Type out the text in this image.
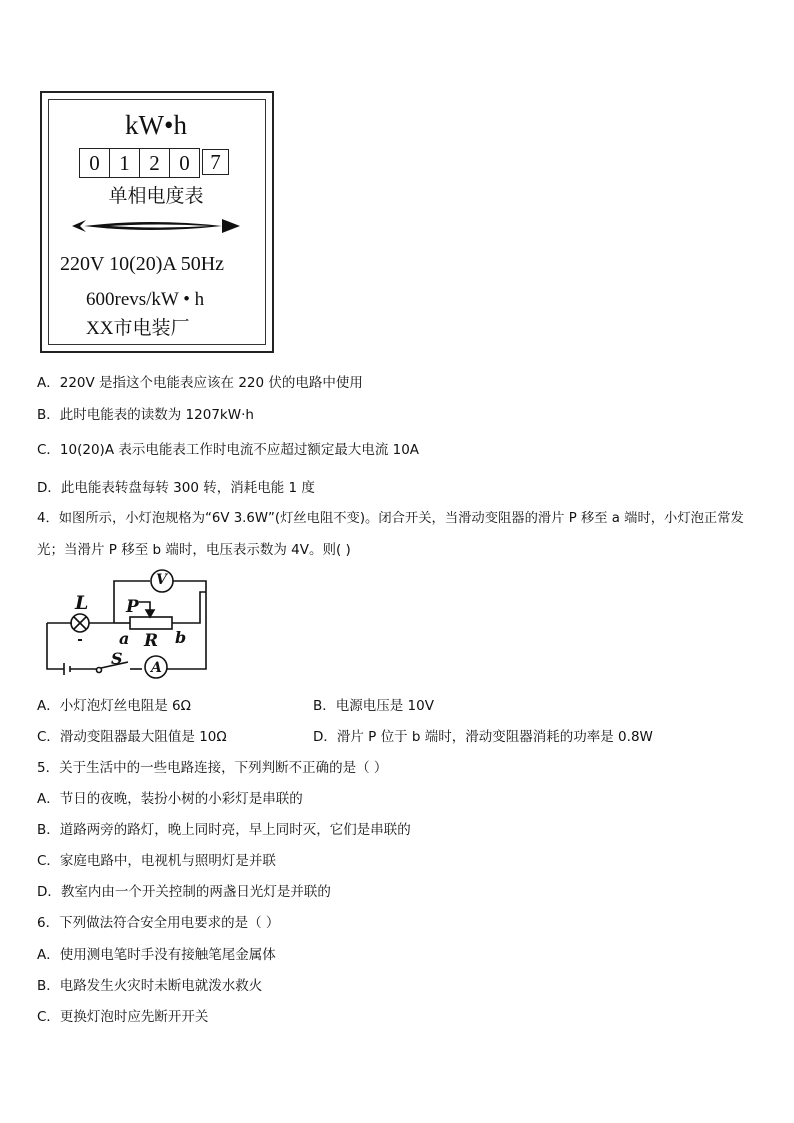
kW•h
0 1 2 0 7
单相电度表
220V 10(20)A 50Hz
600revs/kW • h
XX市电装厂
A．220V 是指这个电能表应该在 220 伏的电路中使用
B．此时电能表的读数为 1207kW·h
C．10(20)A 表示电能表工作时电流不应超过额定最大电流 10A
D．此电能表转盘每转 300 转，消耗电能 1 度
4．如图所示，小灯泡规格为“6V 3.6W”(灯丝电阻不变)。闭合开关，当滑动变阻器的滑片 P 移至 a 端时，小灯泡正常发
光；当滑片 P 移至 b 端时，电压表示数为 4V。则( )
L
V
P
a R b
S A
A．小灯泡灯丝电阻是 6Ω	B．电源电压是 10V
C．滑动变阻器最大阻值是 10Ω	D．滑片 P 位于 b 端时，滑动变阻器消耗的功率是 0.8W
5．关于生活中的一些电路连接，下列判断不正确的是（ ）
A．节日的夜晚，装扮小树的小彩灯是串联的
B．道路两旁的路灯，晚上同时亮，早上同时灭，它们是串联的
C．家庭电路中，电视机与照明灯是并联
D．教室内由一个开关控制的两盏日光灯是并联的
6．下列做法符合安全用电要求的是（ ）
A．使用测电笔时手没有接触笔尾金属体
B．电路发生火灾时未断电就泼水救火
C．更换灯泡时应先断开开关
